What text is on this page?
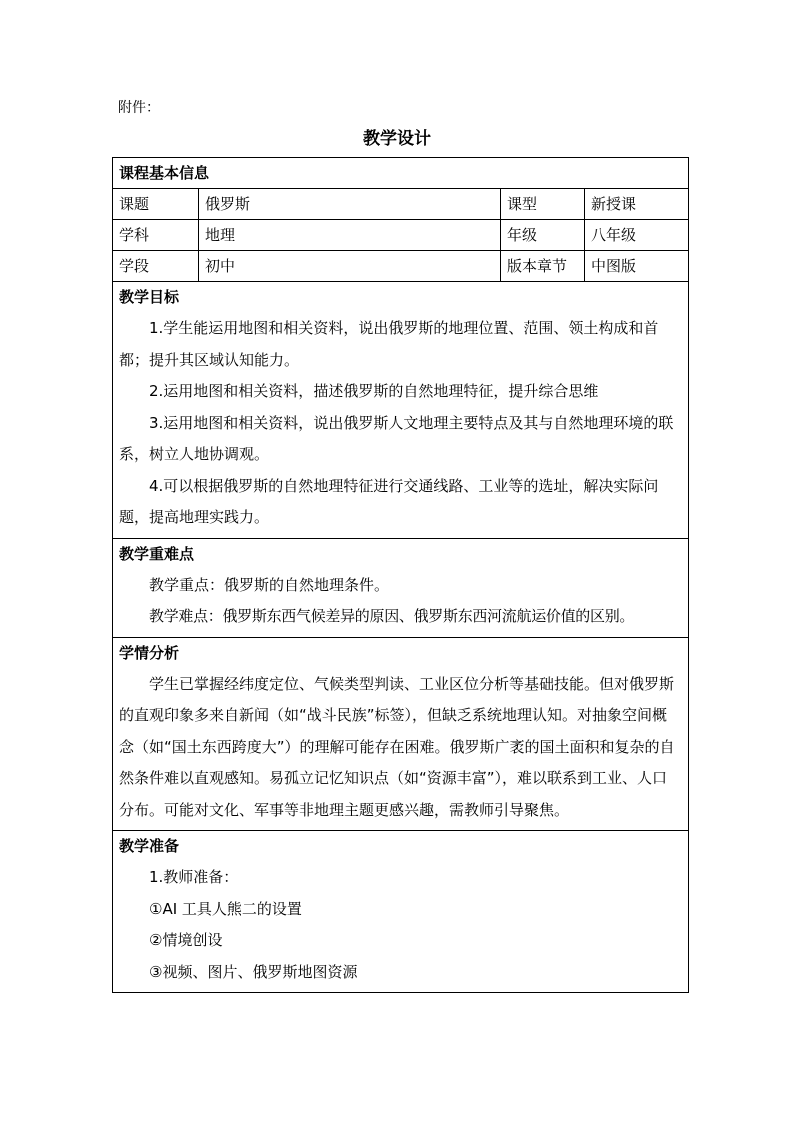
附件：
教学设计
课程基本信息			
课题	俄罗斯	课型	新授课
学科	地理	年级	八年级
学段	初中	版本章节	中图版

教学目标

1.学生能运用地图和相关资料，说出俄罗斯的地理位置、范围、领土构成和首都；提升其区域认知能力。

2.运用地图和相关资料，描述俄罗斯的自然地理特征，提升综合思维

3.运用地图和相关资料，说出俄罗斯人文地理主要特点及其与自然地理环境的联系，树立人地协调观。

4.可以根据俄罗斯的自然地理特征进行交通线路、工业等的选址，解决实际问题，提高地理实践力。			

教学重难点

教学重点：俄罗斯的自然地理条件。

教学难点：俄罗斯东西气候差异的原因、俄罗斯东西河流航运价值的区别。			

学情分析

学生已掌握经纬度定位、气候类型判读、工业区位分析等基础技能。但对俄罗斯的直观印象多来自新闻（如“战斗民族”标签），但缺乏系统地理认知。对抽象空间概念（如“国土东西跨度大”）的理解可能存在困难。俄罗斯广袤的国土面积和复杂的自然条件难以直观感知。易孤立记忆知识点（如“资源丰富”），难以联系到工业、人口分布。可能对文化、军事等非地理主题更感兴趣，需教师引导聚焦。			

教学准备

1.教师准备：

①AI 工具人熊二的设置

②情境创设

③视频、图片、俄罗斯地图资源			
